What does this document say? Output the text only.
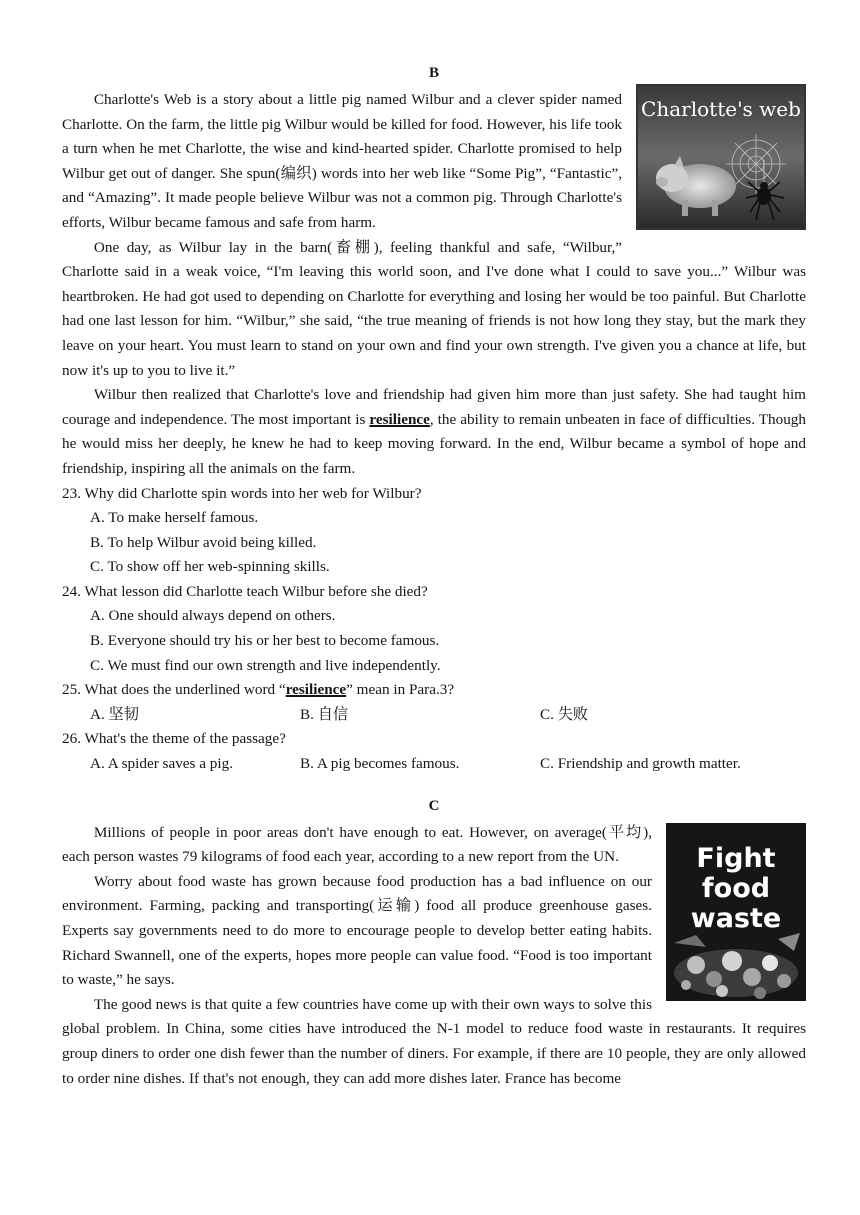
B
Charlotte's web

Charlotte's Web is a story about a little pig named Wilbur and a clever spider named Charlotte. On the farm, the little pig Wilbur would be killed for food. However, his life took a turn when he met Charlotte, the wise and kind-hearted spider. Charlotte promised to help Wilbur get out of danger. She spun(编织) words into her web like “Some Pig”, “Fantastic”, and “Amazing”. It made people believe Wilbur was not a common pig. Through Charlotte's efforts, Wilbur became famous and safe from harm.

One day, as Wilbur lay in the barn(畜棚), feeling thankful and safe, “Wilbur,” Charlotte said in a weak voice, “I'm leaving this world soon, and I've done what I could to save you...” Wilbur was heartbroken. He had got used to depending on Charlotte for everything and losing her would be too painful. But Charlotte had one last lesson for him. “Wilbur,” she said, “the true meaning of friends is not how long they stay, but the mark they leave on your heart. You must learn to stand on your own and find your own strength. I've given you a chance at life, but now it's up to you to live it.”

Wilbur then realized that Charlotte's love and friendship had given him more than just safety. She had taught him courage and independence. The most important is resilience, the ability to remain unbeaten in face of difficulties. Though he would miss her deeply, he knew he had to keep moving forward. In the end, Wilbur became a symbol of hope and friendship, inspiring all the animals on the farm.

23. Why did Charlotte spin words into her web for Wilbur?
A. To make herself famous.
B. To help Wilbur avoid being killed.
C. To show off her web-spinning skills.
24. What lesson did Charlotte teach Wilbur before she died?
A. One should always depend on others.
B. Everyone should try his or her best to become famous.
C. We must find our own strength and live independently.
25. What does the underlined word “resilience” mean in Para.3?
A. 坚韧	B. 自信	C. 失败
26. What's the theme of the passage?
A. A spider saves a pig.	B. A pig becomes famous.	C. Friendship and growth matter.
C
Fight
food
waste

Millions of people in poor areas don't have enough to eat. However, on average(平均), each person wastes 79 kilograms of food each year, according to a new report from the UN.

Worry about food waste has grown because food production has a bad influence on our environment. Farming, packing and transporting(运输) food all produce greenhouse gases. Experts say governments need to do more to encourage people to develop better eating habits. Richard Swannell, one of the experts, hopes more people can value food. “Food is too important to waste,” he says.

The good news is that quite a few countries have come up with their own ways to solve this global problem. In China, some cities have introduced the N-1 model to reduce food waste in restaurants. It requires group diners to order one dish fewer than the number of diners. For example, if there are 10 people, they are only allowed to order nine dishes. If that's not enough, they can add more dishes later. France has become
